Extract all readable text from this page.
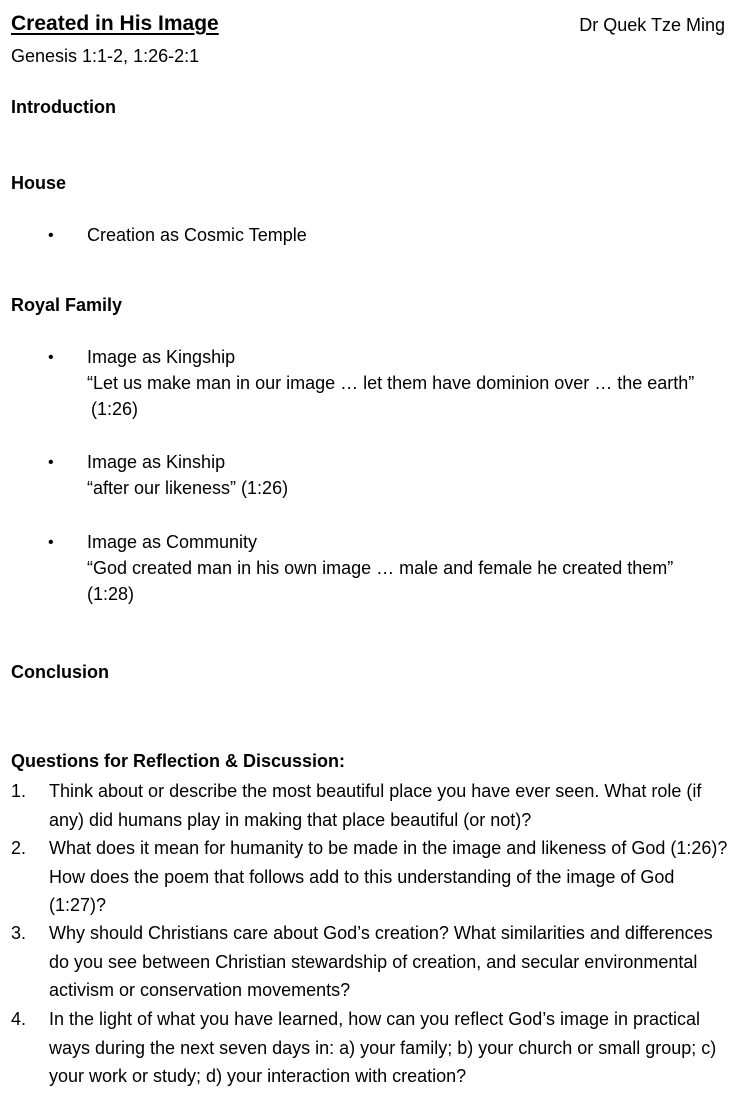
Created in His Image	Dr Quek Tze Ming
Genesis 1:1-2, 1:26-2:1
Introduction
House
• Creation as Cosmic Temple
Royal Family
• Image as Kingship
“Let us make man in our image … let them have dominion over … the earth”
(1:26)
• Image as Kinship
“after our likeness” (1:26)
• Image as Community
“God created man in his own image … male and female he created them”
(1:28)
Conclusion
Questions for Reflection & Discussion:
1. Think about or describe the most beautiful place you have ever seen. What role (if any) did humans play in making that place beautiful (or not)?
2. What does it mean for humanity to be made in the image and likeness of God (1:26)? How does the poem that follows add to this understanding of the image of God (1:27)?
3. Why should Christians care about God’s creation? What similarities and differences do you see between Christian stewardship of creation, and secular environmental activism or conservation movements?
4. In the light of what you have learned, how can you reflect God’s image in practical ways during the next seven days in: a) your family; b) your church or small group; c) your work or study; d) your interaction with creation?
